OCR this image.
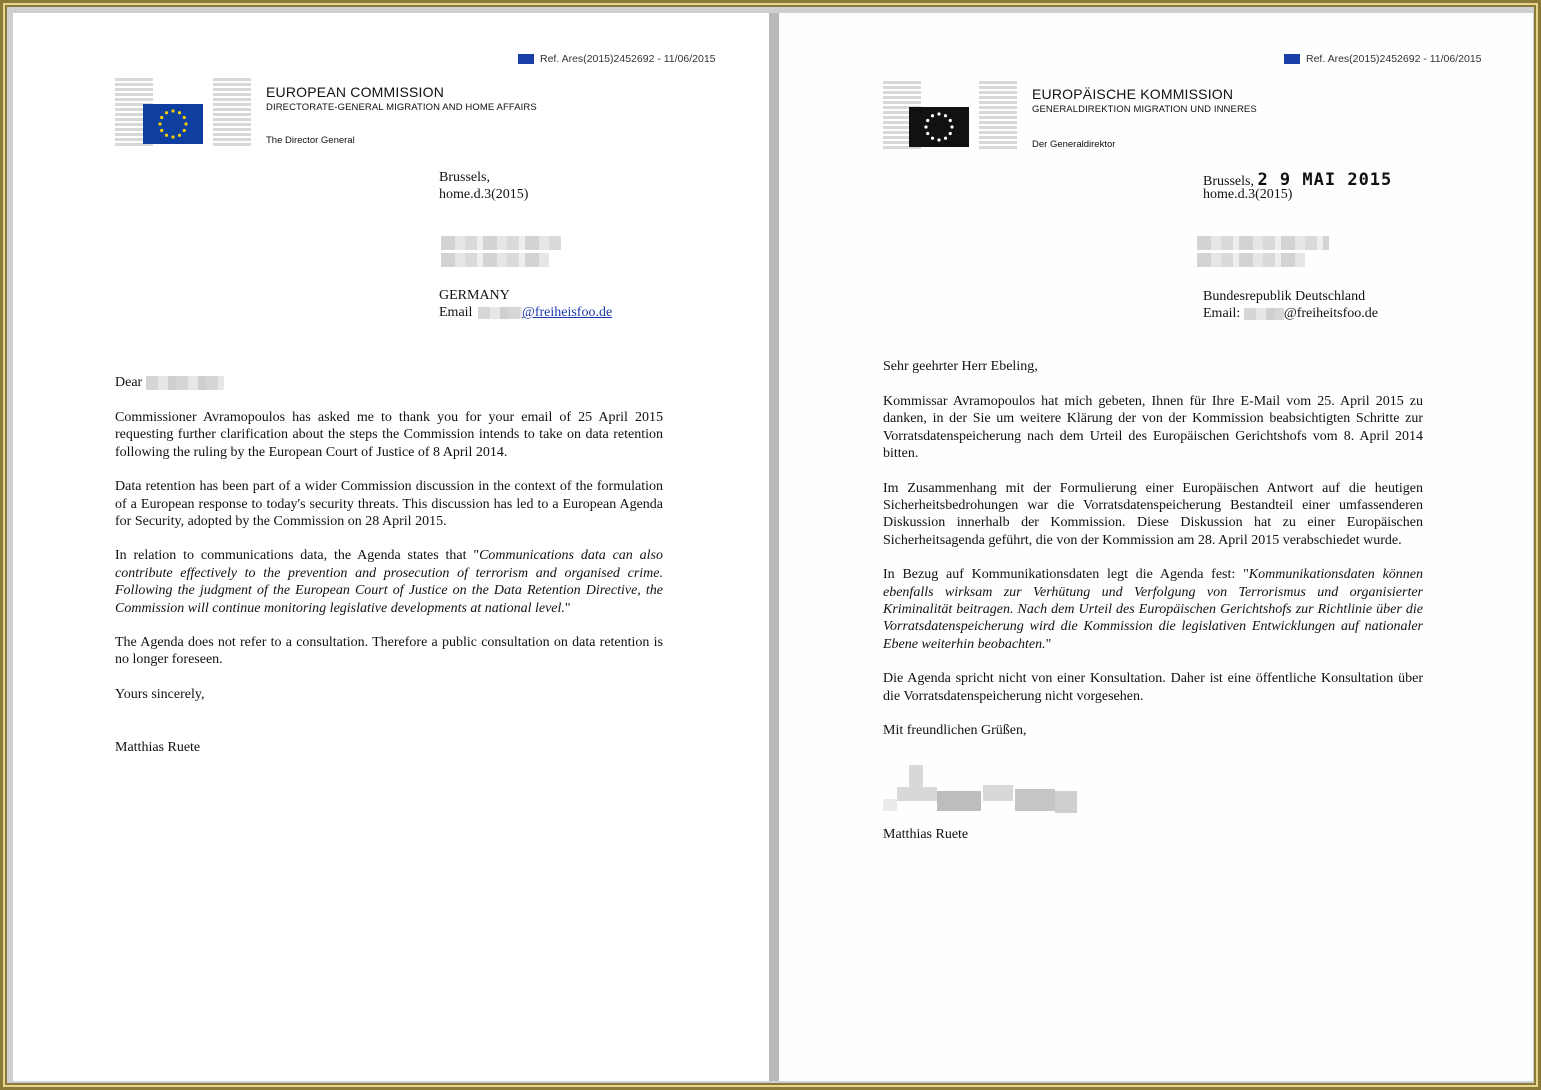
Ref. Ares(2015)2452692 - 11/06/2015
EUROPEAN COMMISSION
DIRECTORATE-GENERAL MIGRATION AND HOME AFFAIRS
The Director General
Brussels,
home.d.3(2015)
GERMANY
Email	@freiheisfoo.de
Dear

Commissioner Avramopoulos has asked me to thank you for your email of 25 April 2015 requesting further clarification about the steps the Commission intends to take on data retention following the ruling by the European Court of Justice of 8 April 2014.

Data retention has been part of a wider Commission discussion in the context of the formulation of a European response to today's security threats. This discussion has led to a European Agenda for Security, adopted by the Commission on 28 April 2015.

In relation to communications data, the Agenda states that "Communications data can also contribute effectively to the prevention and prosecution of terrorism and organised crime. Following the judgment of the European Court of Justice on the Data Retention Directive, the Commission will continue monitoring legislative developments at national level."

The Agenda does not refer to a consultation. Therefore a public consultation on data retention is no longer foreseen.

Yours sincerely,

Matthias Ruete

Ref. Ares(2015)2452692 - 11/06/2015
EUROPÄISCHE KOMMISSION
GENERALDIREKTION MIGRATION UND INNERES
Der Generaldirektor
Brussels, 2 9 MAI 2015
home.d.3(2015)
Bundesrepublik Deutschland
Email:	@freiheitsfoo.de
Sehr geehrter Herr Ebeling,

Kommissar Avramopoulos hat mich gebeten, Ihnen für Ihre E-Mail vom 25. April 2015 zu danken, in der Sie um weitere Klärung der von der Kommission beabsichtigten Schritte zur Vorratsdatenspeicherung nach dem Urteil des Europäischen Gerichtshofs vom 8. April 2014 bitten.

Im Zusammenhang mit der Formulierung einer Europäischen Antwort auf die heutigen Sicherheitsbedrohungen war die Vorratsdatenspeicherung Bestandteil einer umfassenderen Diskussion innerhalb der Kommission. Diese Diskussion hat zu einer Europäischen Sicherheitsagenda geführt, die von der Kommission am 28. April 2015 verabschiedet wurde.

In Bezug auf Kommunikationsdaten legt die Agenda fest: "Kommunikationsdaten können ebenfalls wirksam zur Verhütung und Verfolgung von Terrorismus und organisierter Kriminalität beitragen. Nach dem Urteil des Europäischen Gerichtshofs zur Richtlinie über die Vorratsdatenspeicherung wird die Kommission die legislativen Entwicklungen auf nationaler Ebene weiterhin beobachten."

Die Agenda spricht nicht von einer Konsultation. Daher ist eine öffentliche Konsultation über die Vorratsdatenspeicherung nicht vorgesehen.

Mit freundlichen Grüßen,

Matthias Ruete
